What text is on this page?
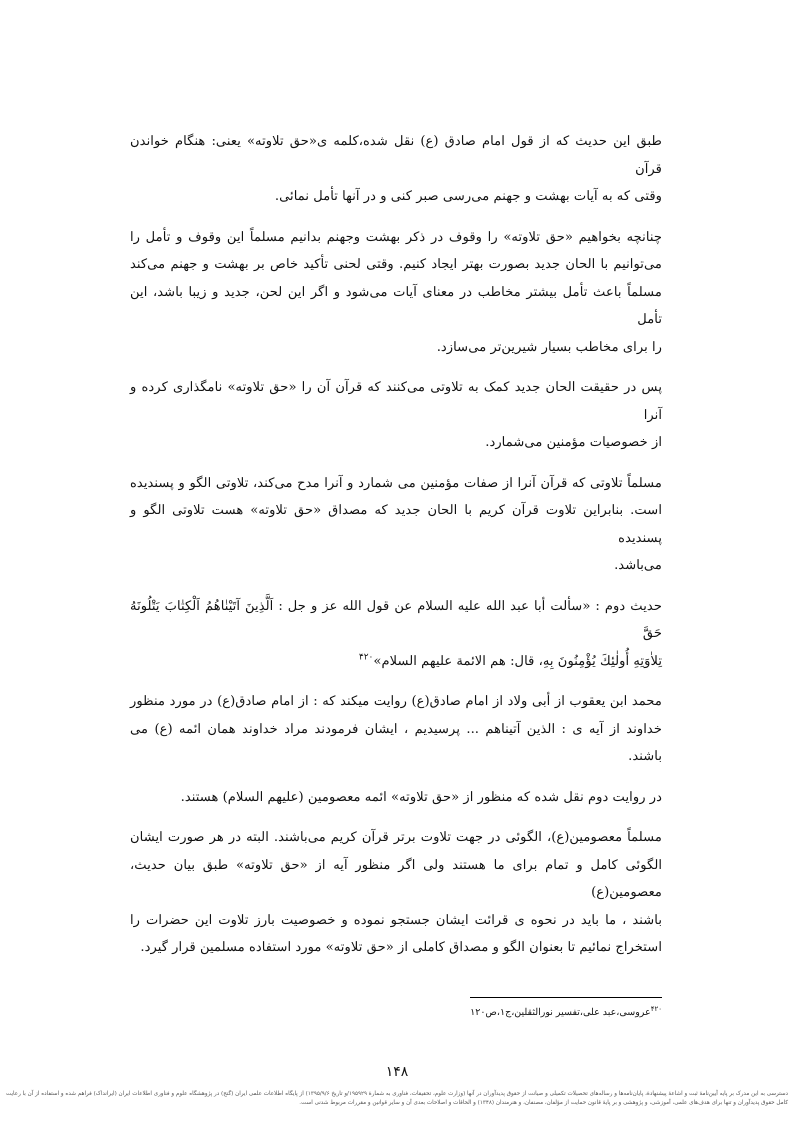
طبق این حدیث که از قول امام صادق (ع) نقل شده،کلمه ی«حق تلاوته» یعنی: هنگام خواندن قرآن
وقتی که به آیات بهشت و جهنم می‌رسی صبر کنی و در آنها تأمل نمائی.
چنانچه بخواهیم «حق تلاوته» را وقوف در ذکر بهشت وجهنم بدانیم مسلماً این وقوف و تأمل را
می‌توانیم با الحان جدید بصورت بهتر ایجاد کنیم. وقتی لحنی تأکید خاص بر بهشت و جهنم می‌کند
مسلماً باعث تأمل بیشتر مخاطب در معنای آیات می‌شود و اگر این لحن، جدید و زیبا باشد، این تأمل
را برای مخاطب بسیار شیرین‌تر می‌سازد.
پس در حقیقت الحان جدید کمک به تلاوتی می‌کنند که قرآن آن را «حق تلاوته» نامگذاری کرده و آنرا
از خصوصیات مؤمنین می‌شمارد.
مسلماً تلاوتی که قرآن آنرا از صفات مؤمنین می شمارد و آنرا مدح می‌کند، تلاوتی الگو و پسندیده
است. بنابراین تلاوت قرآن کریم با الحان جدید که مصداق «حق تلاوته» هست تلاوتی الگو و پسندیده
می‌باشد.
حدیث دوم : «سألت أبا عبد الله علیه السلام عن قول الله عز و جل : اَلَّذِينَ آتَيْنٰاهُمُ اَلْكِتٰابَ يَتْلُونَهُ حَقَّ
تِلاٰوَتِهِ أُولٰئِكَ يُؤْمِنُونَ بِهِ، قال: هم الائمة علیهم السلام»$^{۴۲۰}$
محمد ابن یعقوب از أبی ولاد از امام صادق(ع) روایت میکند که : از امام صادق(ع) در مورد منظور
خداوند از آیه ی : الذین آتیناهم ... پرسیدیم ، ایشان فرمودند مراد خداوند همان ائمه (ع) می باشند.
در روایت دوم نقل شده که منظور از «حق تلاوته» ائمه معصومین (علیهم السلام) هستند.
مسلماً معصومین(ع)، الگوئی در جهت تلاوت برتر قرآن کریم می‌باشند. البته در هر صورت ایشان
الگوئی کامل و تمام برای ما هستند ولی اگر منظور آیه از «حق تلاوته» طبق بیان حدیث، معصومین(ع)
باشند ، ما باید در نحوه ی قرائت ایشان جستجو نموده و خصوصیت بارز تلاوت این حضرات را
استخراج نمائیم تا بعنوان الگو و مصداق کاملی از «حق تلاوته» مورد استفاده مسلمین قرار گیرد.
$^{۴۲۰}$عروسی،عبد علی،تفسیر نورالثقلین،ج۱،ص۱۲۰
۱۴۸
دسترسی به این مدرک بر پایه آیین‌نامهٔ ثبت و اشاعهٔ پیشنهادهٔ، پایان‌نامه‌ها و رساله‌های تحصیلات تکمیلی و صیانت از حقوق پدیدآوران در آنها (وزارت علوم، تحقیقات، فناوری به شمارهٔ ۱۹۵۹۲۹/و تاریخ ۱۳۹۵/۹/۶) از پایگاه اطلاعات علمی ایران (گنج) در پژوهشگاه علوم و فناوری اطلاعات ایران (ایرانداک) فراهم شده و استفاده از آن با رعایت کامل حقوق پدیدآوران و تنها برای هدف‌های علمی، آموزشی، و پژوهشی و بر پایهٔ قانون حمایت از مؤلفان، مصنفان، و هنرمندان (۱۳۴۸) و الحاقات و اصلاحات بعدی آن و سایر قوانین و مقررات مربوط شدنی است.
